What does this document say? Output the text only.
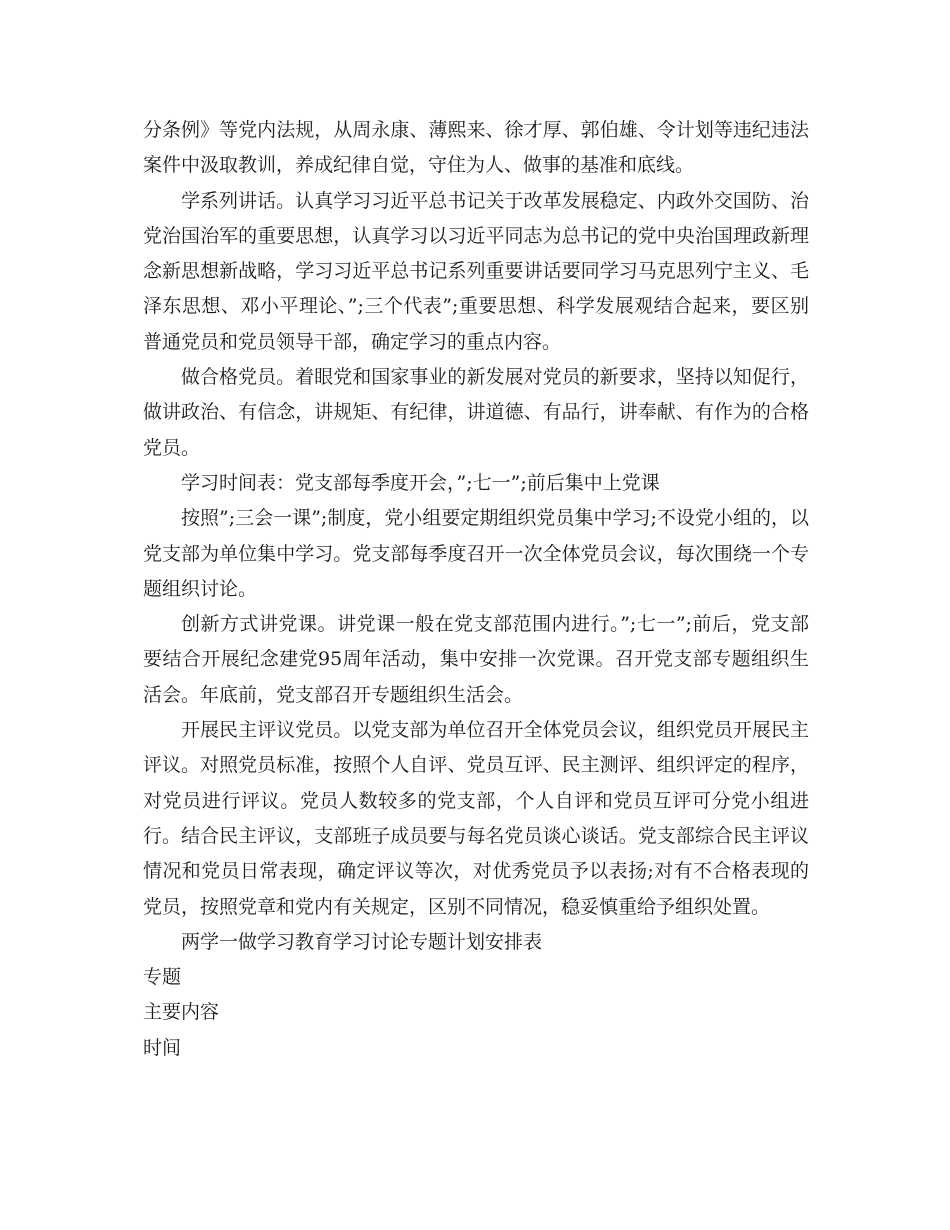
分条例》等党内法规，从周永康、薄熙来、徐才厚、郭伯雄、令计划等违纪违法案件中汲取教训，养成纪律自觉，守住为人、做事的基准和底线。

学系列讲话。认真学习习近平总书记关于改革发展稳定、内政外交国防、治党治国治军的重要思想，认真学习以习近平同志为总书记的党中央治国理政新理念新思想新战略，学习习近平总书记系列重要讲话要同学习马克思列宁主义、毛泽东思想、邓小平理论、”;三个代表”;重要思想、科学发展观结合起来，要区别普通党员和党员领导干部，确定学习的重点内容。

做合格党员。着眼党和国家事业的新发展对党员的新要求，坚持以知促行，做讲政治、有信念，讲规矩、有纪律，讲道德、有品行，讲奉献、有作为的合格党员。

学习时间表：党支部每季度开会，”;七一”;前后集中上党课

按照”;三会一课”;制度，党小组要定期组织党员集中学习;不设党小组的，以党支部为单位集中学习。党支部每季度召开一次全体党员会议，每次围绕一个专题组织讨论。

创新方式讲党课。讲党课一般在党支部范围内进行。”;七一”;前后，党支部要结合开展纪念建党95周年活动，集中安排一次党课。召开党支部专题组织生活会。年底前，党支部召开专题组织生活会。

开展民主评议党员。以党支部为单位召开全体党员会议，组织党员开展民主评议。对照党员标准，按照个人自评、党员互评、民主测评、组织评定的程序，对党员进行评议。党员人数较多的党支部，个人自评和党员互评可分党小组进行。结合民主评议，支部班子成员要与每名党员谈心谈话。党支部综合民主评议情况和党员日常表现，确定评议等次，对优秀党员予以表扬;对有不合格表现的党员，按照党章和党内有关规定，区别不同情况，稳妥慎重给予组织处置。

两学一做学习教育学习讨论专题计划安排表

专题

主要内容

时间
